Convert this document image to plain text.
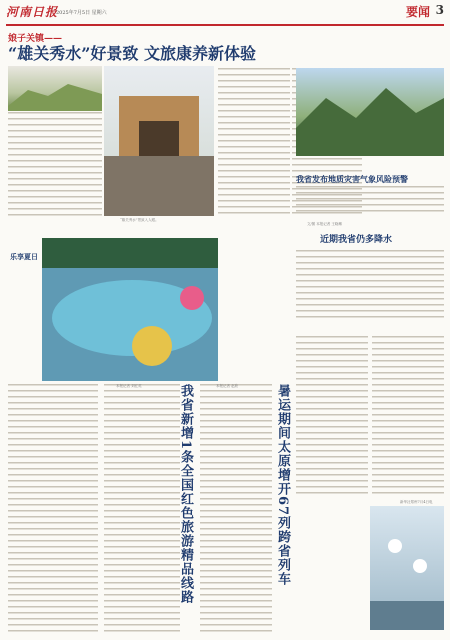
河南日报
2025年7月5日 星期六	要闻 3
娘子关镇——
“雄关秀水”好景致 文旅康养新体验
乐享夏日
“雄关秀水”景致入人眼。
文/图 本报记者 王晓琳
我省发布地质灾害气象风险预警
近期我省仍多降水
新华社郑州7月4日电
我省新增1条全国红色旅游精品线路	暑运期间太原增开67列跨省列车
本报记者 刘红英	本报记者 赵欣
